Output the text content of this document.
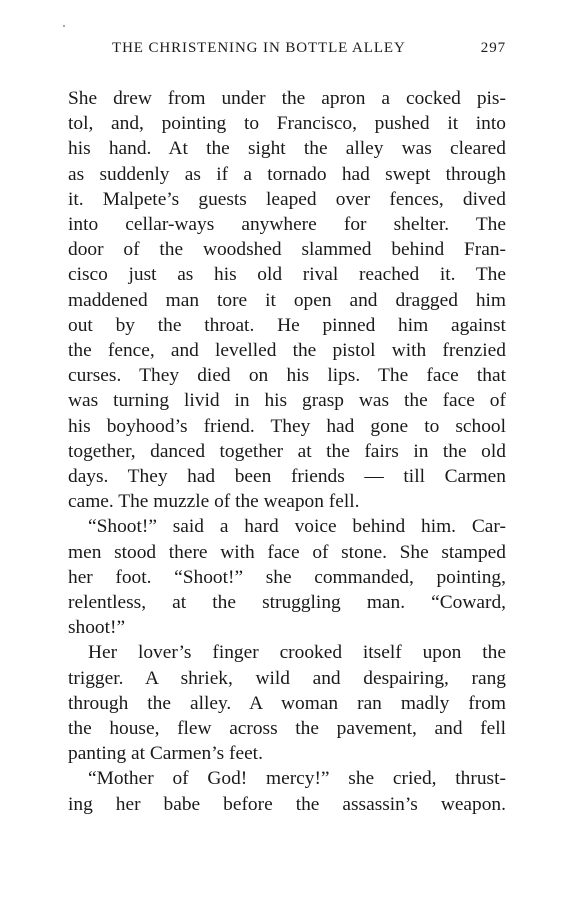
THE CHRISTENING IN BOTTLE ALLEY	297
She drew from under the apron a cocked pis-
tol, and, pointing to Francisco, pushed it into
his hand. At the sight the alley was cleared
as suddenly as if a tornado had swept through
it. Malpete’s guests leaped over fences, dived
into cellar-ways anywhere for shelter. The
door of the woodshed slammed behind Fran-
cisco just as his old rival reached it. The
maddened man tore it open and dragged him
out by the throat. He pinned him against
the fence, and levelled the pistol with frenzied
curses. They died on his lips. The face that
was turning livid in his grasp was the face of
his boyhood’s friend. They had gone to school
together, danced together at the fairs in the old
days. They had been friends — till Carmen
came. The muzzle of the weapon fell.
“Shoot!” said a hard voice behind him. Car-
men stood there with face of stone. She stamped
her foot. “Shoot!” she commanded, pointing,
relentless, at the struggling man. “Coward,
shoot!”
Her lover’s finger crooked itself upon the
trigger. A shriek, wild and despairing, rang
through the alley. A woman ran madly from
the house, flew across the pavement, and fell
panting at Carmen’s feet.
“Mother of God! mercy!” she cried, thrust-
ing her babe before the assassin’s weapon.
